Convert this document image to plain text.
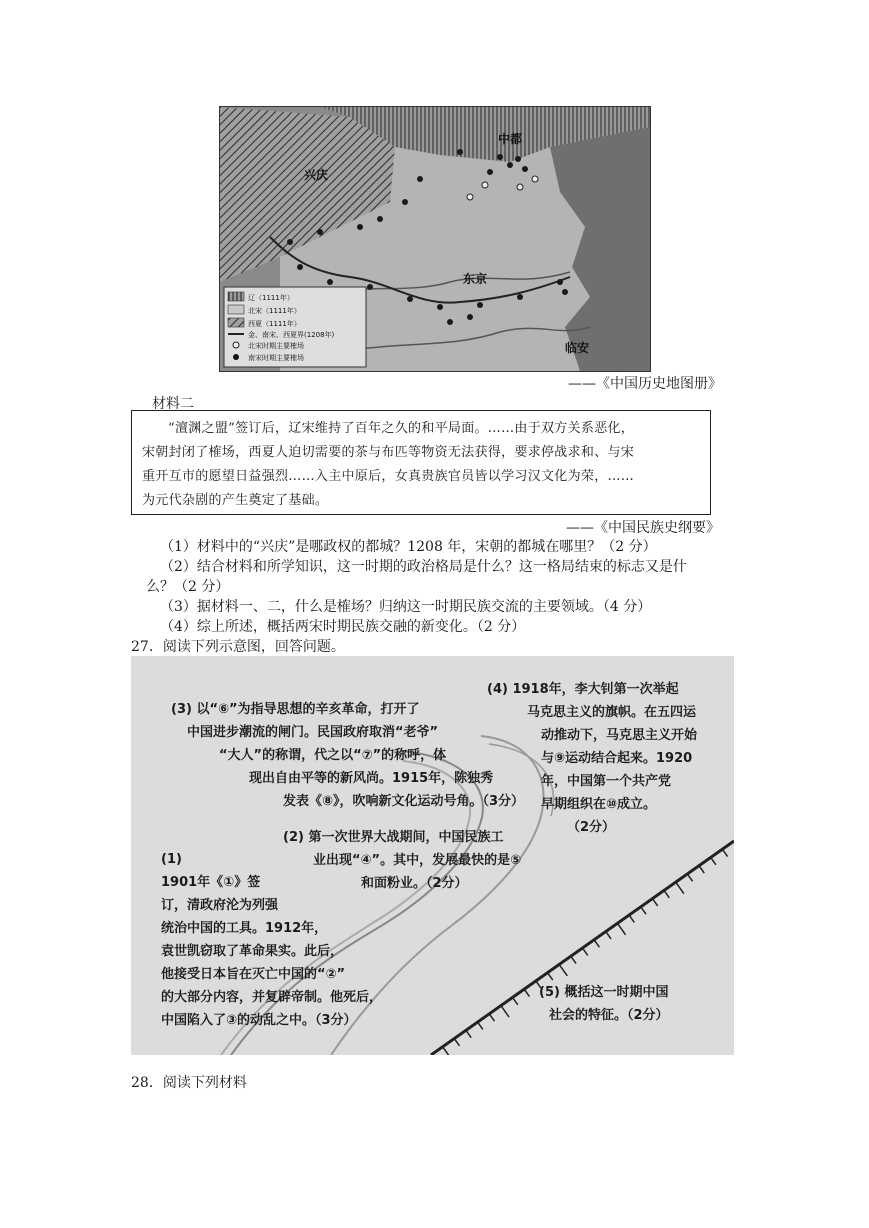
辽（1111年）
北宋（1111年）
西夏（1111年）
金、南宋、西夏界(1208年)
北宋时期主要榷场
南宋时期主要榷场
兴庆
中都
东京
临安
——《中国历史地图册》
材料二
“澶渊之盟”签订后，辽宋维持了百年之久的和平局面。……由于双方关系恶化，
宋朝封闭了榷场，西夏人迫切需要的茶与布匹等物资无法获得，要求停战求和、与宋
重开互市的愿望日益强烈……入主中原后，女真贵族官员皆以学习汉文化为荣，……
为元代杂剧的产生奠定了基础。
——《中国民族史纲要》
（1）材料中的“兴庆”是哪政权的都城？1208 年，宋朝的都城在哪里？（2 分）
（2）结合材料和所学知识，这一时期的政治格局是什么？这一格局结束的标志又是什
么？（2 分）
（3）据材料一、二，什么是榷场？归纳这一时期民族交流的主要领域。（4 分）
（4）综上所述，概括两宋时期民族交融的新变化。（2 分）
27．阅读下列示意图，回答问题。
(3) 以“⑥”为指导思想的辛亥革命，打开了
中国进步潮流的闸门。民国政府取消“老爷”
“大人”的称谓，代之以“⑦”的称呼，体
现出自由平等的新风尚。1915年，陈独秀
发表《⑧》，吹响新文化运动号角。（3分）
(4) 1918年，李大钊第一次举起
马克思主义的旗帜。在五四运
动推动下，马克思主义开始
与⑨运动结合起来。1920
年，中国第一个共产党
早期组织在⑩成立。
（2分）
(2) 第一次世界大战期间，中国民族工
业出现“④”。其中，发展最快的是⑤
和面粉业。（2分）
(1)
1901年《①》签
订，清政府沦为列强
统治中国的工具。1912年，
袁世凯窃取了革命果实。此后，
他接受日本旨在灭亡中国的“②”
的大部分内容，并复辟帝制。他死后，
中国陷入了③的动乱之中。（3分）
(5) 概括这一时期中国
社会的特征。（2分）
28．阅读下列材料
